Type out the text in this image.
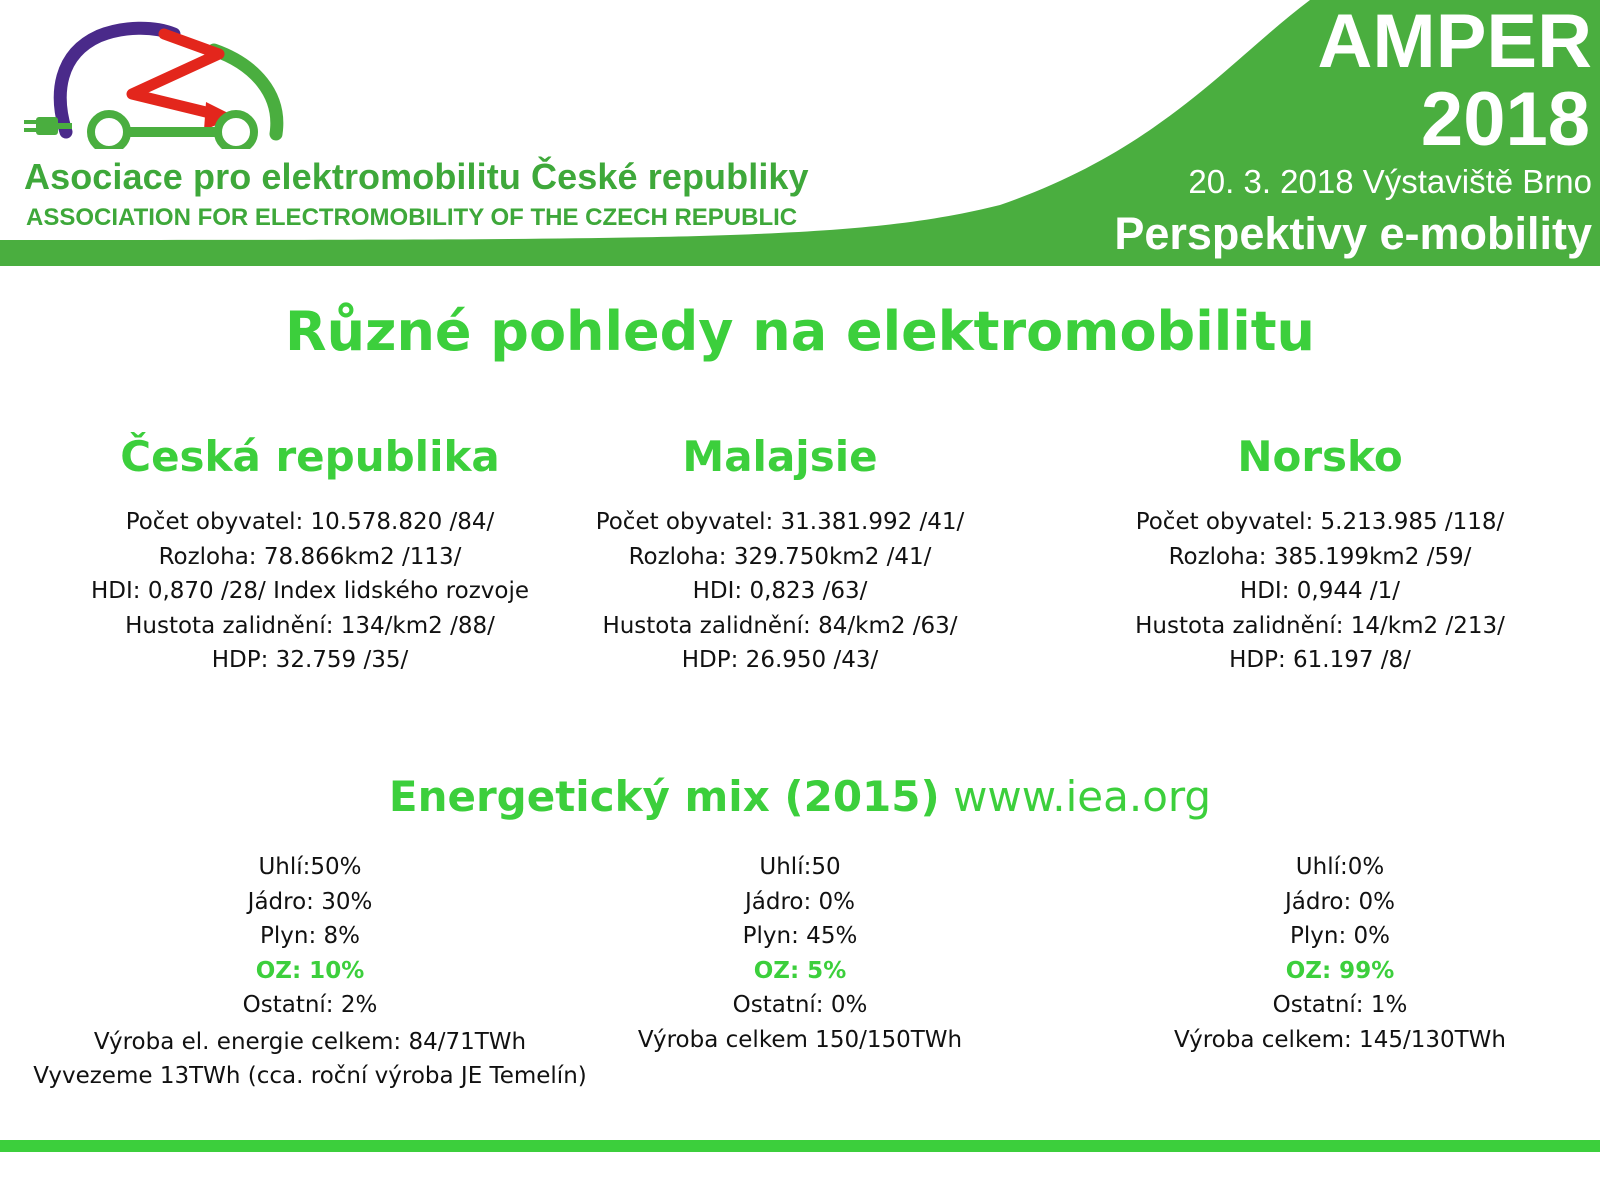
Asociace pro elektromobilitu České republiky
ASSOCIATION FOR ELECTROMOBILITY OF THE CZECH REPUBLIC
AMPER
2018
20. 3. 2018 Výstaviště Brno
Perspektivy e-mobility
Různé pohledy na elektromobilitu
Česká republika
Počet obyvatel: 10.578.820 /84/
Rozloha: 78.866km2 /113/
HDI: 0,870 /28/ Index lidského rozvoje
Hustota zalidnění: 134/km2 /88/
HDP: 32.759 /35/
Malajsie
Počet obyvatel: 31.381.992 /41/
Rozloha: 329.750km2 /41/
HDI: 0,823 /63/
Hustota zalidnění: 84/km2 /63/
HDP: 26.950 /43/
Norsko
Počet obyvatel: 5.213.985 /118/
Rozloha: 385.199km2 /59/
HDI: 0,944 /1/
Hustota zalidnění: 14/km2 /213/
HDP: 61.197 /8/
Energetický mix (2015) www.iea.org
Uhlí:50%
Jádro: 30%
Plyn: 8%
OZ: 10%
Ostatní: 2%
Výroba el. energie celkem: 84/71TWh
Vyvezeme 13TWh (cca. roční výroba JE Temelín)
Uhlí:50
Jádro: 0%
Plyn: 45%
OZ: 5%
Ostatní: 0%
Výroba celkem 150/150TWh
Uhlí:0%
Jádro: 0%
Plyn: 0%
OZ: 99%
Ostatní: 1%
Výroba celkem: 145/130TWh
